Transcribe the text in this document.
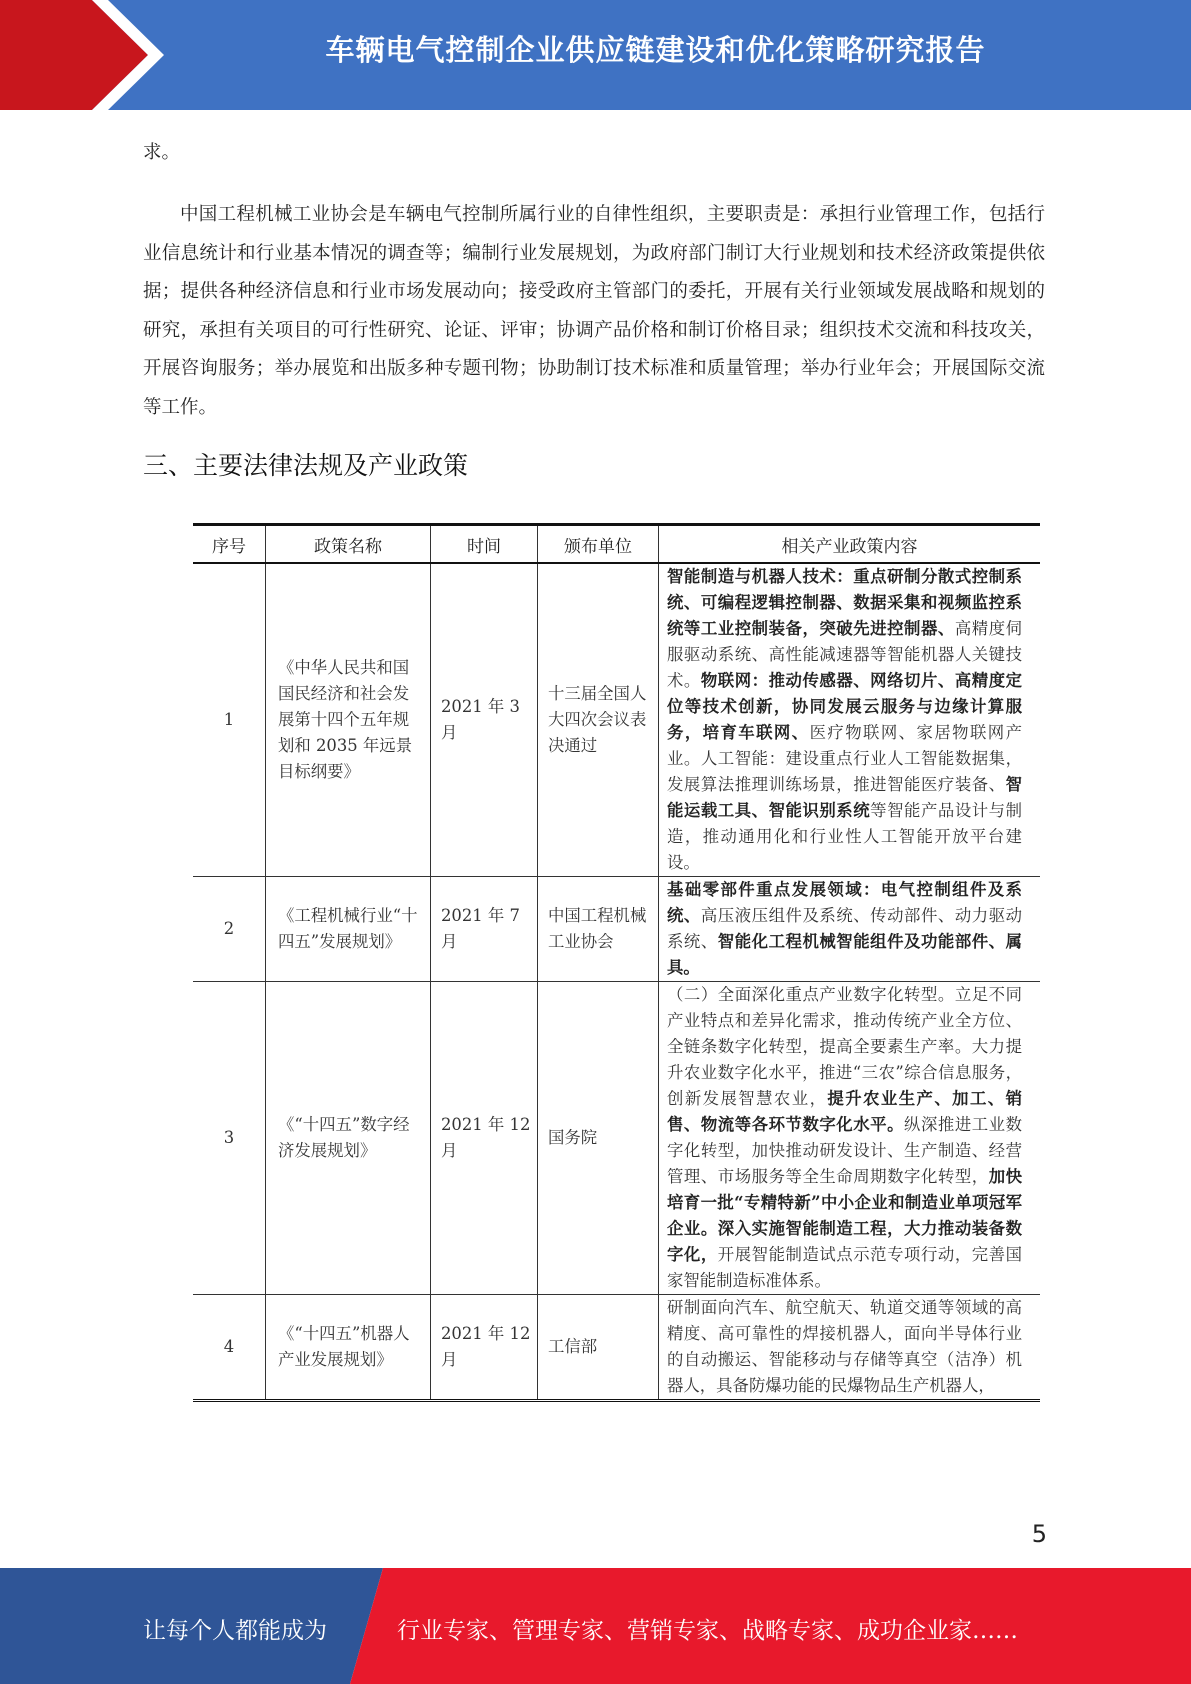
车辆电气控制企业供应链建设和优化策略研究报告
求。
中国工程机械工业协会是车辆电气控制所属行业的自律性组织，主要职责是：承担行业管理工作，包括行业信息统计和行业基本情况的调查等；编制行业发展规划，为政府部门制订大行业规划和技术经济政策提供依据；提供各种经济信息和行业市场发展动向；接受政府主管部门的委托，开展有关行业领域发展战略和规划的研究，承担有关项目的可行性研究、论证、评审；协调产品价格和制订价格目录；组织技术交流和科技攻关，开展咨询服务；举办展览和出版多种专题刊物；协助制订技术标准和质量管理；举办行业年会；开展国际交流等工作。
三、主要法律法规及产业政策
序号	政策名称	时间	颁布单位	相关产业政策内容
1	《中华人民共和国国民经济和社会发展第十四个五年规划和 2035 年远景目标纲要》	2021 年 3 月	十三届全国人大四次会议表决通过	智能制造与机器人技术：重点研制分散式控制系统、可编程逻辑控制器、数据采集和视频监控系统等工业控制装备，突破先进控制器、高精度伺服驱动系统、高性能减速器等智能机器人关键技术。物联网：推动传感器、网络切片、高精度定位等技术创新，协同发展云服务与边缘计算服务，培育车联网、医疗物联网、家居物联网产业。人工智能：建设重点行业人工智能数据集，发展算法推理训练场景，推进智能医疗装备、智能运载工具、智能识别系统等智能产品设计与制造，推动通用化和行业性人工智能开放平台建设。
2	《工程机械行业“十四五”发展规划》	2021 年 7 月	中国工程机械工业协会	基础零部件重点发展领域：电气控制组件及系统、高压液压组件及系统、传动部件、动力驱动系统、智能化工程机械智能组件及功能部件、属具。
3	《“十四五”数字经济发展规划》	2021 年 12 月	国务院	（二）全面深化重点产业数字化转型。立足不同产业特点和差异化需求，推动传统产业全方位、全链条数字化转型，提高全要素生产率。大力提升农业数字化水平，推进“三农”综合信息服务，创新发展智慧农业，提升农业生产、加工、销售、物流等各环节数字化水平。纵深推进工业数字化转型，加快推动研发设计、生产制造、经营管理、市场服务等全生命周期数字化转型，加快培育一批“专精特新”中小企业和制造业单项冠军企业。深入实施智能制造工程，大力推动装备数字化，开展智能制造试点示范专项行动，完善国家智能制造标准体系。
4	《“十四五”机器人产业发展规划》	2021 年 12 月	工信部	研制面向汽车、航空航天、轨道交通等领域的高精度、高可靠性的焊接机器人，面向半导体行业的自动搬运、智能移动与存储等真空（洁净）机器人，具备防爆功能的民爆物品生产机器人，
5
让每个人都能成为	行业专家、管理专家、营销专家、战略专家、成功企业家……
